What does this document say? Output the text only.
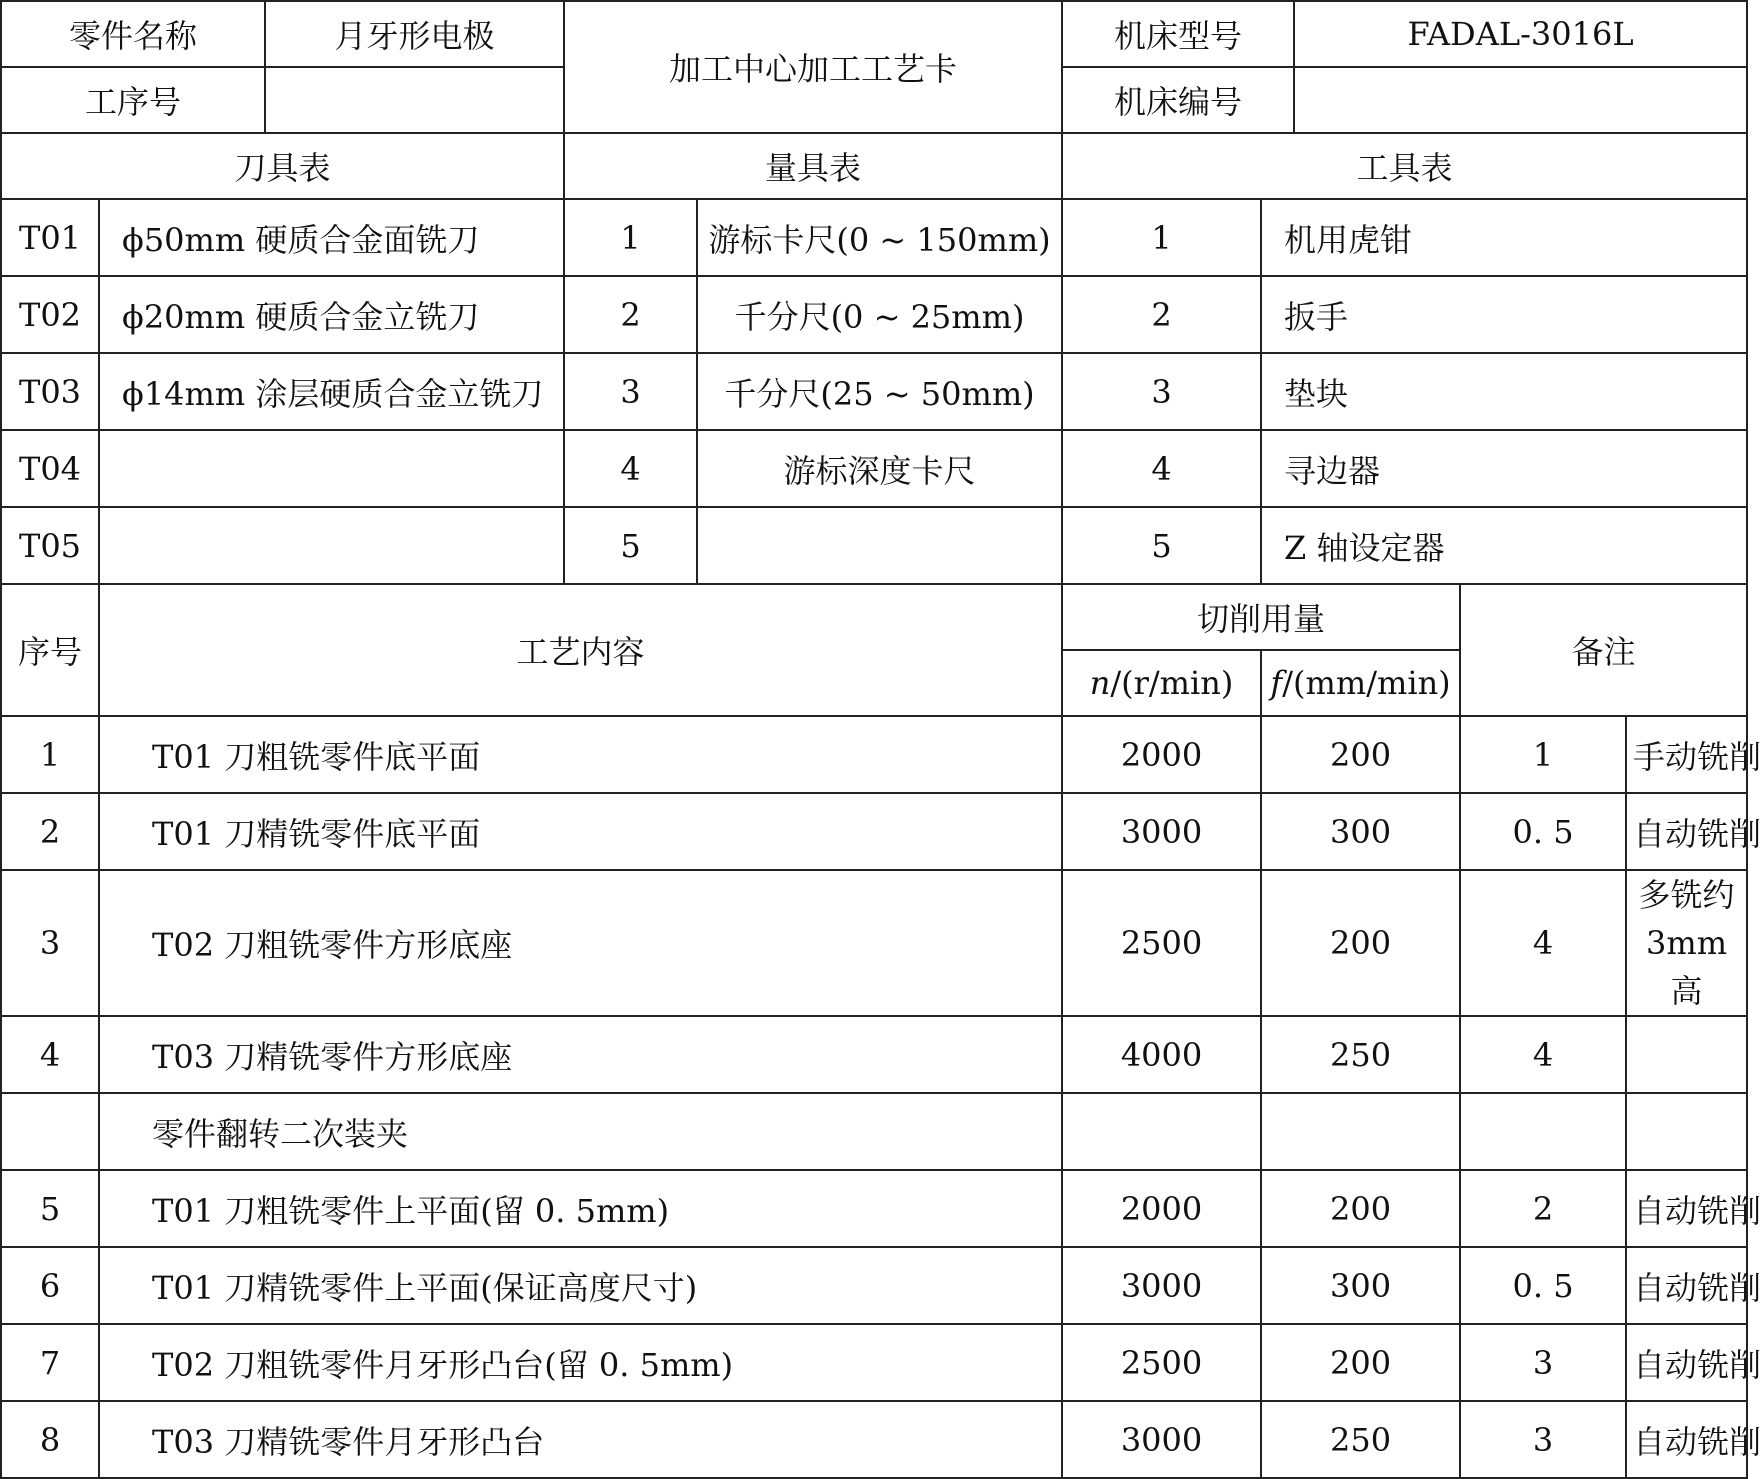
零件名称		月牙形电极	加工中心加工工艺卡		机床型号		FADAL-3016L			
工序号					机床编号					
刀具表			量具表		工具表					
T01	ϕ50mm 硬质合金面铣刀		1	游标卡尺(0 ~ 150mm)	1	机用虎钳				
T02	ϕ20mm 硬质合金立铣刀		2	千分尺(0 ~ 25mm)	2	扳手				
T03	ϕ14mm 涂层硬质合金立铣刀		3	千分尺(25 ~ 50mm)	3	垫块				
T04			4	游标深度卡尺	4	寻边器				
T05			5		5	Z 轴设定器				
序号	工艺内容				切削用量			备注		
					n/(r/min)	f/(mm/min)	
1	T01 刀粗铣零件底平面				2000	200		1	手动铣削	
2	T01 刀精铣零件底平面				3000	300		0. 5	自动铣削	
3	T02 刀粗铣零件方形底座				2500	200		4	多铣约 3mm 高	
4	T03 刀精铣零件方形底座				4000	250		4		
	零件翻转二次装夹									
5	T01 刀粗铣零件上平面(留 0. 5mm)				2000	200		2	自动铣削	
6	T01 刀精铣零件上平面(保证高度尺寸)				3000	300		0. 5	自动铣削	
7	T02 刀粗铣零件月牙形凸台(留 0. 5mm)				2500	200		3	自动铣削	
8	T03 刀精铣零件月牙形凸台				3000	250		3	自动铣削	
